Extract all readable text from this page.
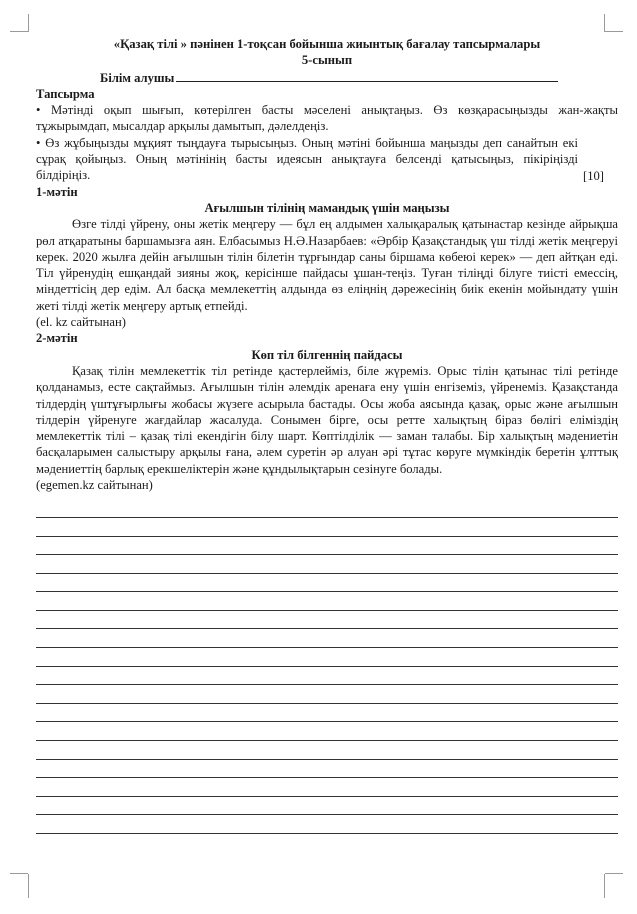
«Қазақ тілі » пәнінен 1-тоқсан бойынша жиынтық бағалау тапсырмалары
5-сынып
Білім алушы
Тапсырма

• Мәтінді оқып шығып, көтерілген басты мәселені анықтаңыз. Өз көзқарасыңызды жан-жақты тұжырымдап, мысалдар арқылы дамытып, дәлелдеңіз.

• Өз жұбыңызды мұқият тыңдауға тырысыңыз. Оның мәтіні бойынша маңызды деп санайтын екі сұрақ қойыңыз. Оның мәтінінің басты идеясын анықтауға белсенді қатысыңыз, пікіріңізді білдіріңіз.	[10]
1-мәтін
Ағылшын тілінің мамандық үшін маңызы

Өзге тілді үйрену, оны жетік меңгеру — бұл ең алдымен халықаралық қатынастар кезінде айрықша рөл атқаратыны баршамызға аян. Елбасымыз Н.Ә.Назарбаев: «Әрбір Қазақстандық үш тілді жетік меңгеруі керек. 2020 жылға дейін ағылшын тілін білетін тұрғындар саны біршама көбеюі керек» — деп айтқан еді. Тіл үйренудің ешқандай зияны жоқ, керісінше пайдасы ұшан-теңіз. Туған тіліңді білуге тиісті емессің, міндеттісің дер едім. Ал басқа мемлекеттің алдында өз еліңнің дәрежесінің биік екенін мойындату үшін жеті тілді жетік меңгеру артық етпейді.

(el. kz сайтынан)
2-мәтін
Көп тіл білгеннің пайдасы

Қазақ тілін мемлекеттік тіл ретінде қастерлейміз, біле жүреміз. Орыс тілін қатынас тілі ретінде қолданамыз, есте сақтаймыз. Ағылшын тілін әлемдік аренаға ену үшін енгіземіз, үйренеміз. Қазақстанда тілдердің үштұғырлығы жобасы жүзеге асырыла бастады. Осы жоба аясында қазақ, орыс және ағылшын тілдерін үйренуге жағдайлар жасалуда. Сонымен бірге, осы ретте халықтың біраз бөлігі еліміздің мемлекеттік тілі – қазақ тілі екендігін білу шарт. Көптілділік — заман талабы. Бір халықтың мәдениетін басқаларымен салыстыру арқылы ғана, әлем суретін әр алуан әрі тұтас көруге мүмкіндік беретін ұлттық мәдениеттің барлық ерекшеліктерін және құндылықтарын сезінуге болады.

(egemen.kz сайтынан)
